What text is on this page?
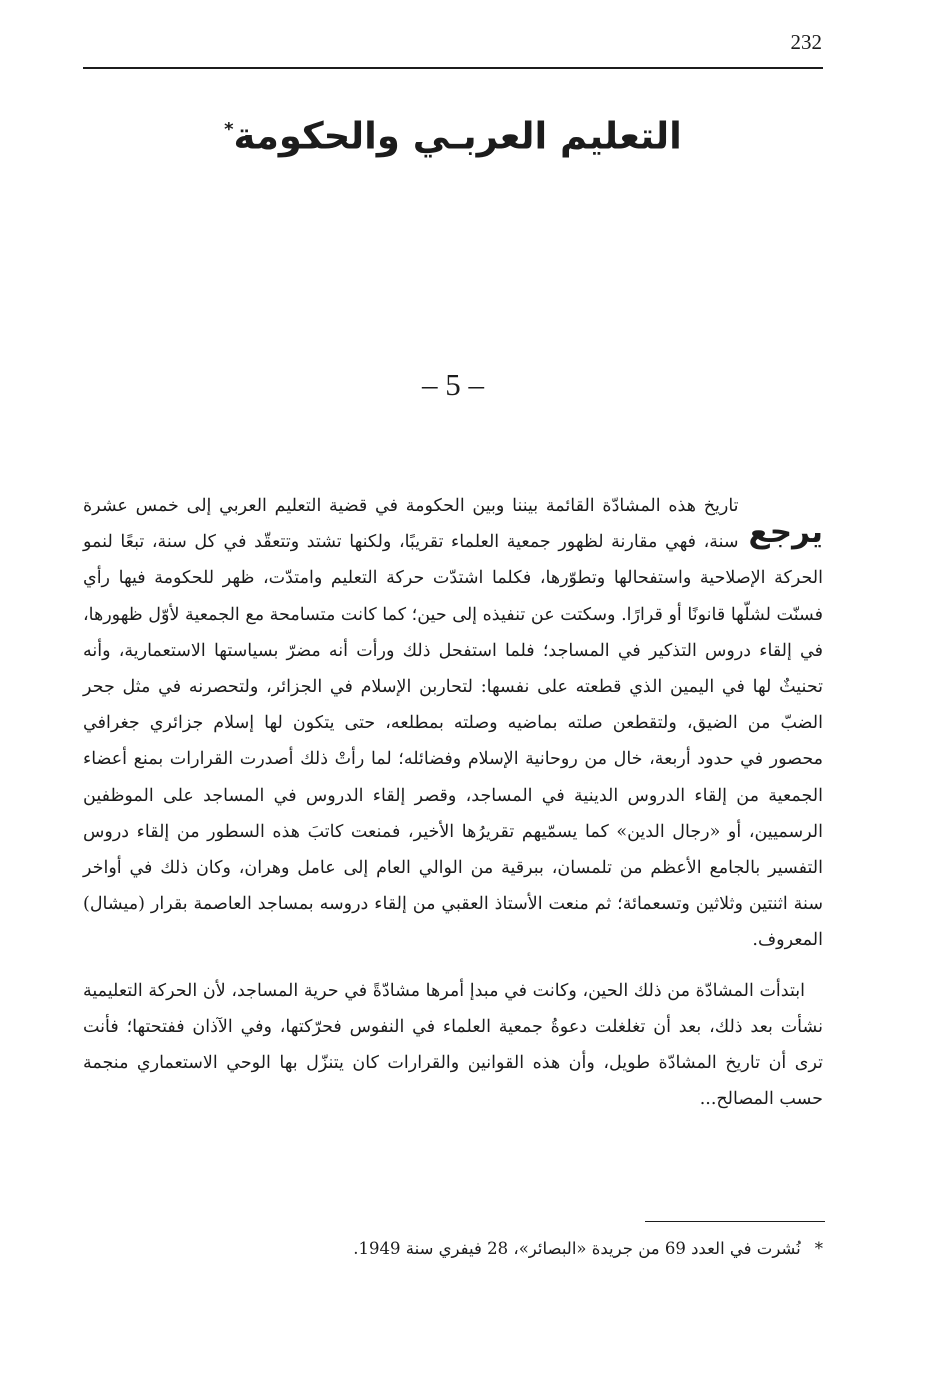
232
التعليم العربـي والحكومة*
– 5 –
يرجع

تاريخ هذه المشادّة القائمة بيننا وبين الحكومة في قضية التعليم العربي إلى خمس عشرة سنة، فهي مقارنة لظهور جمعية العلماء تقريبًا، ولكنها تشتد وتتعقّد في كل سنة، تبعًا لنمو الحركة الإصلاحية واستفحالها وتطوّرها، فكلما اشتدّت حركة التعليم وامتدّت، ظهر للحكومة فيها رأي فسنّت لشلّها قانونًا أو قرارًا. وسكتت عن تنفيذه إلى حين؛ كما كانت متسامحة مع الجمعية لأوّل ظهورها، في إلقاء دروس التذكير في المساجد؛ فلما استفحل ذلك ورأت أنه مضرّ بسياستها الاستعمارية، وأنه تحنيثٌ لها في اليمين الذي قطعته على نفسها: لتحاربن الإسلام في الجزائر، ولتحصرنه في مثل جحر الضبّ من الضيق، ولتقطعن صلته بماضيه وصلته بمطلعه، حتى يتكون لها إسلام جزائري جغرافي محصور في حدود أربعة، خال من روحانية الإسلام وفضائله؛ لما رأتْ ذلك أصدرت القرارات بمنع أعضاء الجمعية من إلقاء الدروس الدينية في المساجد، وقصر إلقاء الدروس في المساجد على الموظفين الرسميين، أو «رجال الدين» كما يسمّيهم تقريرُها الأخير، فمنعت كاتبَ هذه السطور من إلقاء دروس التفسير بالجامع الأعظم من تلمسان، ببرقية من الوالي العام إلى عامل وهران، وكان ذلك في أواخر سنة اثنتين وثلاثين وتسعمائة؛ ثم منعت الأستاذ العقبي من إلقاء دروسه بمساجد العاصمة بقرار (ميشال) المعروف.

ابتدأت المشادّة من ذلك الحين، وكانت في مبدإ أمرها مشادّةً في حرية المساجد، لأن الحركة التعليمية نشأت بعد ذلك، بعد أن تغلغلت دعوةُ جمعية العلماء في النفوس فحرّكتها، وفي الآذان ففتحتها؛ فأنت ترى أن تاريخ المشادّة طويل، وأن هذه القوانين والقرارات كان يتنزّل بها الوحي الاستعماري منجمة حسب المصالح...

*نُشرت في العدد 69 من جريدة «البصائر»، 28 فيفري سنة 1949.
